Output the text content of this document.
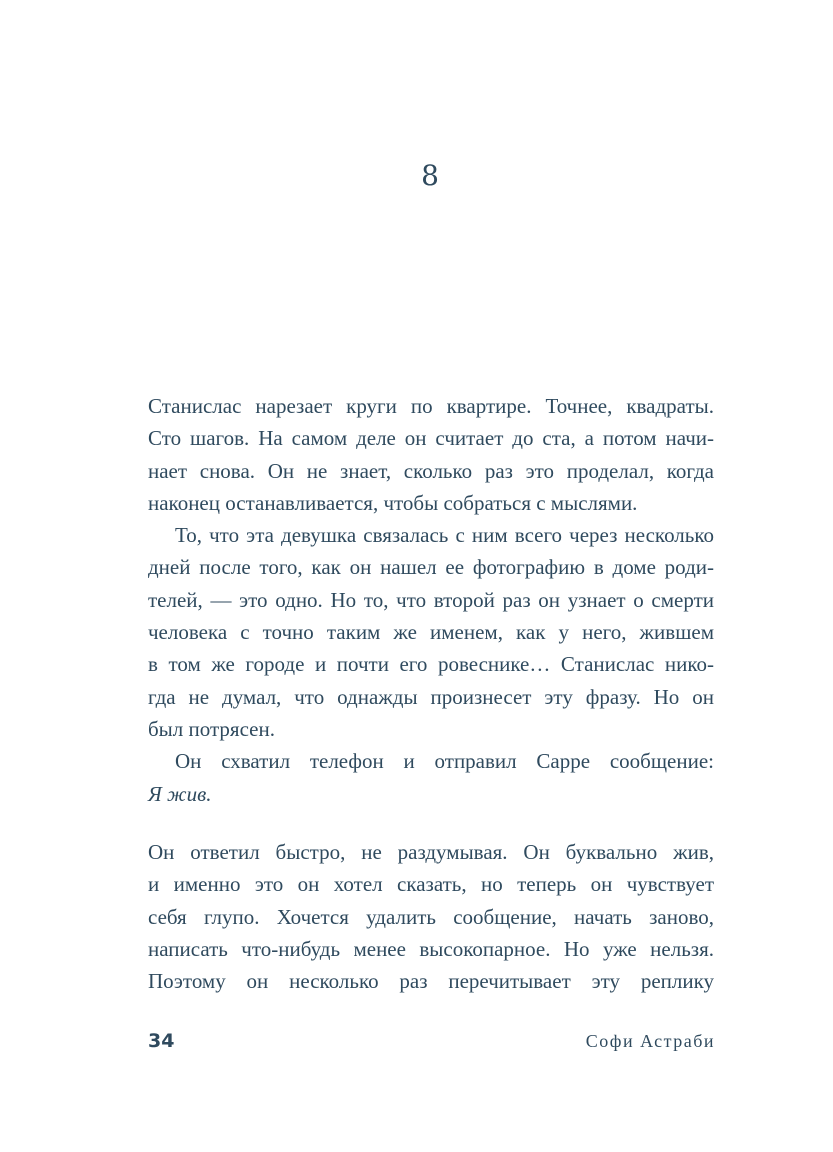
8
Станислас нарезает круги по квартире. Точнее, квадраты.
Сто шагов. На самом деле он считает до ста, а потом начи-
нает снова. Он не знает, сколько раз это проделал, когда
наконец останавливается, чтобы собраться с мыслями.
То, что эта девушка связалась с ним всего через несколько
дней после того, как он нашел ее фотографию в доме роди-
телей, — это одно. Но то, что второй раз он узнает о смерти
человека с точно таким же именем, как у него, жившем
в том же городе и почти его ровеснике… Станислас нико-
гда не думал, что однажды произнесет эту фразу. Но он
был потрясен.
Он схватил телефон и отправил Сарре сообщение:
Я жив.
Он ответил быстро, не раздумывая. Он буквально жив,
и именно это он хотел сказать, но теперь он чувствует
себя глупо. Хочется удалить сообщение, начать заново,
написать что-нибудь менее высокопарное. Но уже нельзя.
Поэтому он несколько раз перечитывает эту реплику
34	Софи Астраби
